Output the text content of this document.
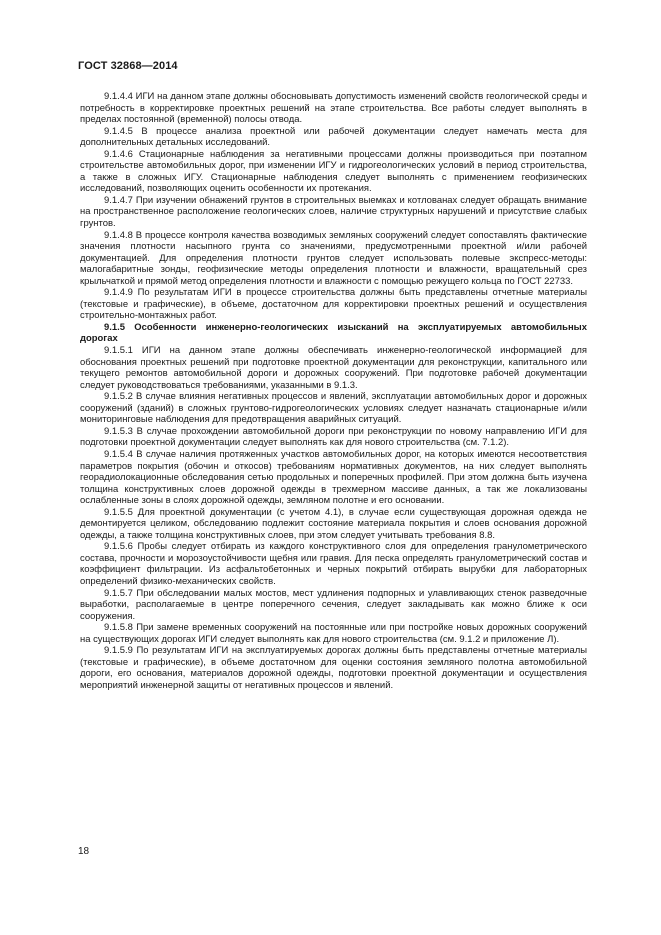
ГОСТ 32868—2014

9.1.4.4 ИГИ на данном этапе должны обосновывать допустимость изменений свойств геологической среды и потребность в корректировке проектных решений на этапе строительства. Все работы следует выполнять в пределах постоянной (временной) полосы отвода.

9.1.4.5 В процессе анализа проектной или рабочей документации следует намечать места для дополнительных детальных исследований.

9.1.4.6 Стационарные наблюдения за негативными процессами должны производиться при поэтапном строительстве автомобильных дорог, при изменении ИГУ и гидрогеологических условий в период строительства, а также в сложных ИГУ. Стационарные наблюдения следует выполнять с применением геофизических исследований, позволяющих оценить особенности их протекания.

9.1.4.7 При изучении обнажений грунтов в строительных выемках и котлованах следует обращать внимание на пространственное расположение геологических слоев, наличие структурных нарушений и присутствие слабых грунтов.

9.1.4.8 В процессе контроля качества возводимых земляных сооружений следует сопоставлять фактические значения плотности насыпного грунта со значениями, предусмотренными проектной и/или рабочей документацией. Для определения плотности грунтов следует использовать полевые экспресс-методы: малогабаритные зонды, геофизические методы определения плотности и влажности, вращательный срез крыльчаткой и прямой метод определения плотности и влажности с помощью режущего кольца по ГОСТ 22733.

9.1.4.9 По результатам ИГИ в процессе строительства должны быть представлены отчетные материалы (текстовые и графические), в объеме, достаточном для корректировки проектных решений и осуществления строительно-монтажных работ.

9.1.5 Особенности инженерно-геологических изысканий на эксплуатируемых автомобильных дорогах

9.1.5.1 ИГИ на данном этапе должны обеспечивать инженерно-геологической информацией для обоснования проектных решений при подготовке проектной документации для реконструкции, капитального или текущего ремонтов автомобильной дороги и дорожных сооружений. При подготовке рабочей документации следует руководствоваться требованиями, указанными в 9.1.3.

9.1.5.2 В случае влияния негативных процессов и явлений, эксплуатации автомобильных дорог и дорожных сооружений (зданий) в сложных грунтово-гидрогеологических условиях следует назначать стационарные и/или мониторинговые наблюдения для предотвращения аварийных ситуаций.

9.1.5.3 В случае прохождении автомобильной дороги при реконструкции по новому направлению ИГИ для подготовки проектной документации следует выполнять как для нового строительства (см. 7.1.2).

9.1.5.4 В случае наличия протяженных участков автомобильных дорог, на которых имеются несоответствия параметров покрытия (обочин и откосов) требованиям нормативных документов, на них следует выполнять георадиолокационные обследования сетью продольных и поперечных профилей. При этом должна быть изучена толщина конструктивных слоев дорожной одежды в трехмерном массиве данных, а так же локализованы ослабленные зоны в слоях дорожной одежды, земляном полотне и его основании.

9.1.5.5 Для проектной документации (с учетом 4.1), в случае если существующая дорожная одежда не демонтируется целиком, обследованию подлежит состояние материала покрытия и слоев основания дорожной одежды, а также толщина конструктивных слоев, при этом следует учитывать требования 8.8.

9.1.5.6 Пробы следует отбирать из каждого конструктивного слоя для определения гранулометрического состава, прочности и морозоустойчивости щебня или гравия. Для песка определять гранулометрический состав и коэффициент фильтрации. Из асфальтобетонных и черных покрытий отбирать вырубки для лабораторных определений физико-механических свойств.

9.1.5.7 При обследовании малых мостов, мест удлинения подпорных и улавливающих стенок разведочные выработки, располагаемые в центре поперечного сечения, следует закладывать как можно ближе к оси сооружения.

9.1.5.8 При замене временных сооружений на постоянные или при постройке новых дорожных сооружений на существующих дорогах ИГИ следует выполнять как для нового строительства (см. 9.1.2 и приложение Л).

9.1.5.9 По результатам ИГИ на эксплуатируемых дорогах должны быть представлены отчетные материалы (текстовые и графические), в объеме достаточном для оценки состояния земляного полотна автомобильной дороги, его основания, материалов дорожной одежды, подготовки проектной документации и осуществления мероприятий инженерной защиты от негативных процессов и явлений.

18
